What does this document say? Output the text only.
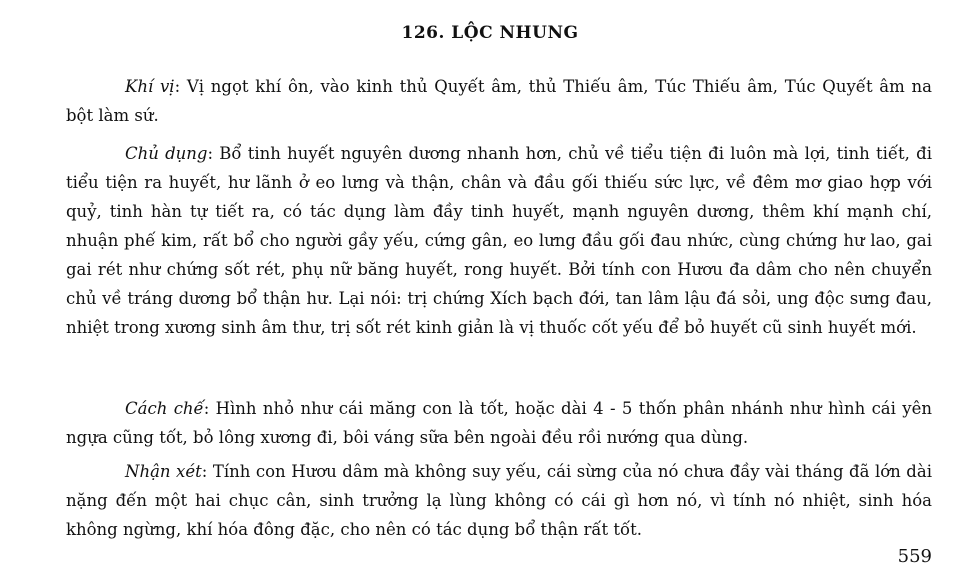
126. LỘC NHUNG

Khí vị: Vị ngọt khí ôn, vào kinh thủ Quyết âm, thủ Thiếu âm, Túc Thiếu âm, Túc Quyết âm na bột làm sứ.

Chủ dụng: Bổ tinh huyết nguyên dương nhanh hơn, chủ về tiểu tiện đi luôn mà lợi, tinh tiết, đi tiểu tiện ra huyết, hư lãnh ở eo lưng và thận, chân và đầu gối thiếu sức lực, về đêm mơ giao hợp với quỷ, tinh hàn tự tiết ra, có tác dụng làm đầy tinh huyết, mạnh nguyên dương, thêm khí mạnh chí, nhuận phế kim, rất bổ cho người gầy yếu, cứng gân, eo lưng đầu gối đau nhức, cùng chứng hư lao, gai gai rét như chứng sốt rét, phụ nữ băng huyết, rong huyết. Bởi tính con Hươu đa dâm cho nên chuyển chủ về tráng dương bổ thận hư. Lại nói: trị chứng Xích bạch đới, tan lâm lậu đá sỏi, ung độc sưng đau, nhiệt trong xương sinh âm thư, trị sốt rét kinh giản là vị thuốc cốt yếu để bỏ huyết cũ sinh huyết mới.

Cách chế: Hình nhỏ như cái măng con là tốt, hoặc dài 4 - 5 thốn phân nhánh như hình cái yên ngựa cũng tốt, bỏ lông xương đi, bôi váng sữa bên ngoài đều rồi nướng qua dùng.

Nhận xét: Tính con Hươu dâm mà không suy yếu, cái sừng của nó chưa đầy vài tháng đã lớn dài nặng đến một hai chục cân, sinh trưởng lạ lùng không có cái gì hơn nó, vì tính nó nhiệt, sinh hóa không ngừng, khí hóa đông đặc, cho nên có tác dụng bổ thận rất tốt.

559
